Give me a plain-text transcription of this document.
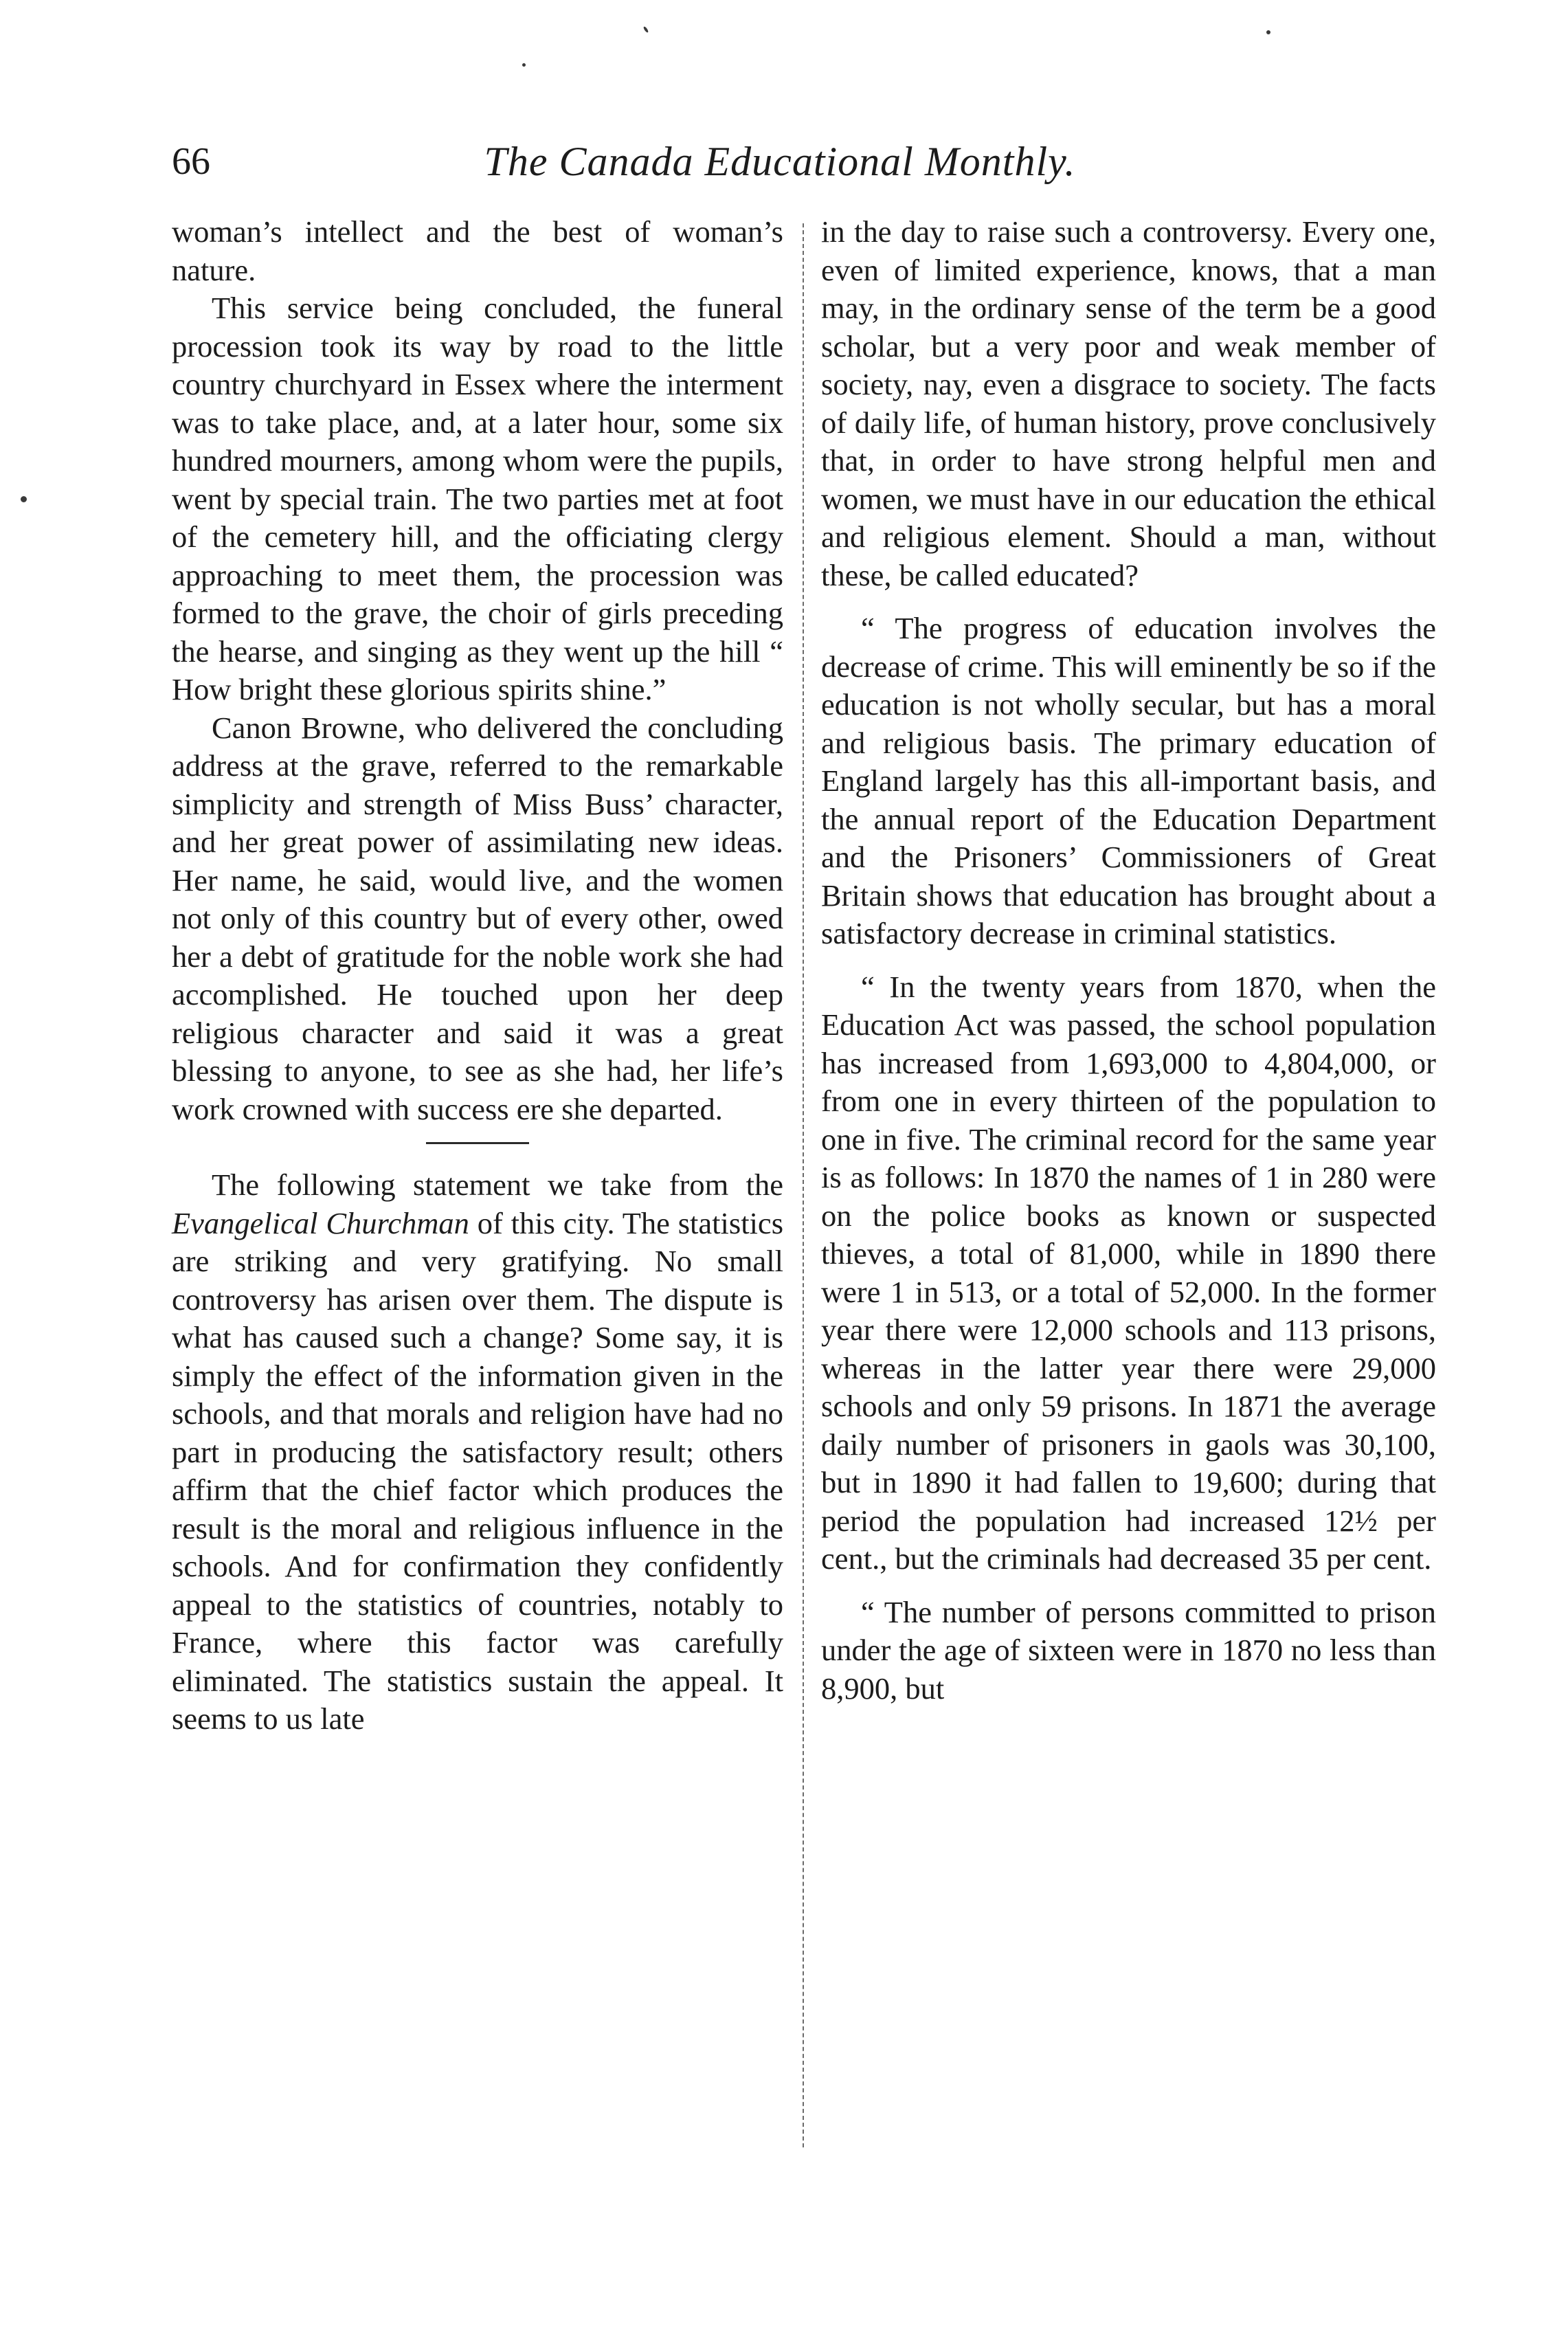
66	The Canada Educational Monthly.

woman’s intellect and the best of woman’s nature.

This service being concluded, the funeral procession took its way by road to the little country churchyard in Essex where the interment was to take place, and, at a later hour, some six hundred mourners, among whom were the pupils, went by special train. The two parties met at foot of the cemetery hill, and the officiating clergy approaching to meet them, the procession was formed to the grave, the choir of girls preceding the hearse, and singing as they went up the hill “ How bright these glorious spirits shine.”

Canon Browne, who delivered the concluding address at the grave, referred to the remarkable simplicity and strength of Miss Buss’ character, and her great power of assimilating new ideas. Her name, he said, would live, and the women not only of this country but of every other, owed her a debt of gratitude for the noble work she had accomplished. He touched upon her deep religious character and said it was a great blessing to anyone, to see as she had, her life’s work crowned with success ere she departed.

The following statement we take from the Evangelical Churchman of this city. The statistics are striking and very gratifying. No small controversy has arisen over them. The dispute is what has caused such a change? Some say, it is simply the effect of the information given in the schools, and that morals and religion have had no part in producing the satisfactory result; others affirm that the chief factor which produces the result is the moral and religious influence in the schools. And for confirmation they confidently appeal to the statistics of countries, notably to France, where this factor was carefully eliminated. The statistics sustain the appeal. It seems to us late

in the day to raise such a controversy. Every one, even of limited experience, knows, that a man may, in the ordinary sense of the term be a good scholar, but a very poor and weak member of society, nay, even a disgrace to society. The facts of daily life, of human history, prove conclusively that, in order to have strong helpful men and women, we must have in our education the ethical and religious element. Should a man, without these, be called educated?

“ The progress of education involves the decrease of crime. This will eminently be so if the education is not wholly secular, but has a moral and religious basis. The primary education of England largely has this all-important basis, and the annual report of the Education Department and the Prisoners’ Commissioners of Great Britain shows that education has brought about a satisfactory decrease in criminal statistics.

“ In the twenty years from 1870, when the Education Act was passed, the school population has increased from 1,693,000 to 4,804,000, or from one in every thirteen of the population to one in five. The criminal record for the same year is as follows: In 1870 the names of 1 in 280 were on the police books as known or suspected thieves, a total of 81,000, while in 1890 there were 1 in 513, or a total of 52,000. In the former year there were 12,000 schools and 113 prisons, whereas in the latter year there were 29,000 schools and only 59 prisons. In 1871 the average daily number of prisoners in gaols was 30,100, but in 1890 it had fallen to 19,600; during that period the population had increased 12½ per cent., but the criminals had decreased 35 per cent.

“ The number of persons committed to prison under the age of sixteen were in 1870 no less than 8,900, but
